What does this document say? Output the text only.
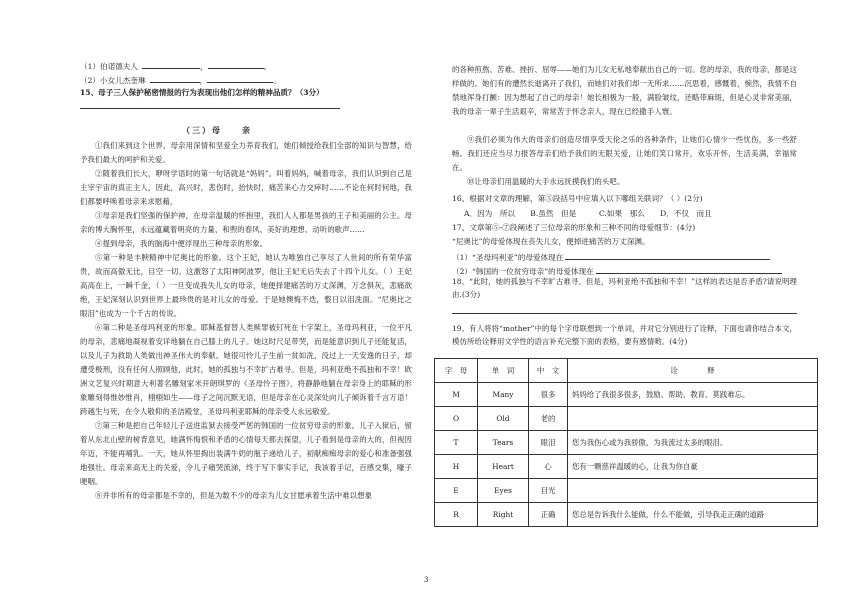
（1）伯诺德夫人	，	。
（2）小女儿杰奎琳	，	。
15、母子三人保护秘密情报的行为表现出他们怎样的精神品质？（3分）
（三）母　　亲
①我们来到这个世界，母亲用深情和坚爱全力养育我们，她们倾授给我们全部的知识与智慧，给予我们最大的呵护和关爱。
②随着我们长大，咿呀学语时的第一句话就是“妈妈”。叫着妈妈，喊着母亲，我们认识到自己是主宰宇宙的真正主人，因此，高兴时，悲伤时，抬快时，痛苦来心力交瘁时……不论在何时何地，我们都要呼唤着母亲来求慰藉。
③母亲是我们坚强的保护神，在母亲温暖的怀抱里，我们人人都是男孩的王子和美丽的公主。母亲的博大胸怀里，永远蕴藏着明亮的力量、和煦的春风、美好的理想、动听的歌声……
④提到母亲，我的脑海中便浮现出三种母亲的形象。
⑤第一种是丰腴精神中尼奥比的形象。这个王妃，她认为唯独自己享尽了人世间的所有荣华富贵，故而高傲无比，目空一切。这激怒了太阳神阿波罗，他让王妃无后失去了十四个儿女。（ ）王妃高高在上，一瞬千金，（ ）一旦变成我失儿女的母亲，她便择建痛苦的万丈深渊，万念俱灰，悲痛欲绝，王妃深刻认识到世界上最珍贵的是对儿女的母爱。于是她懊悔不迭，整日以泪洗面。“尼奥比之眼泪”也成为一个千古的传说。
⑥第二种是圣母玛利亚的形象。耶稣基督替人类赎罪被钉死在十字架上，圣母玛利亚，一位平凡的母亲，悲痛地凝视着安详地躺在自己膝上的儿子。她这时尺足带哭，而是能意识到儿子还能复活，以及儿子为救助人类做出神圣伟大的奉献。她很可怜儿子生前一贫如洗，没过上一天安逸的日子，却遭受极刑，没有任何人照顾他，此时，她的孤独与不幸扩古难寻。但是，玛利亚绝不孤独和不幸！欧洲文艺复兴时期意大利著名雕刻家米开朗琪罗的《圣母怜子图》，将静静地躺在母亲身上的耶稣的形象雕刻得惟妙惟肖，栩栩如生——母子之间沉默无语，但是母亲在心灵深处向儿子倾诉着千言万语！跨越生与死，在令人敬仰的圣洁殿堂，圣母玛利亚耶稣的母亲受人永远敬爱。
⑦第三种是把自己年轻儿子送进监狱去接受严惩的韩国的一位贫穷母亲的形象。儿子入狱后，留着从东北山壁的树背意见，她满怀悔恨和矛盾的心情每天都去探望，儿子看到是母亲的大的，但视因年迈，不能再哺乳。一天，她从怀里掏出装满牛奶的瓶子递给儿子，初献痴痴母亲的爱心和准备强强地强壮。母亲来高无上的关爱，令儿子痛哭流涕，终于写下事实手记，我该着手记，百感交集，嚎子哽咽。
⑧并非所有的母亲都是不幸的，但是为数不少的母亲为儿女甘愿承着生活中难以想象
的各种煎熬、苦难、挫折、屈辱——她们为儿女无私地奉献出自己的一切。您的母亲，我的母亲，都是这样做的。她们有的遭然长逝离开了我们，而她们对我们却一无所求……沉思着，感慨着，惋然，我情不自禁地浑身打颤：因为想起了自己的母亲！她长相极为一般，满脸皱纹，还略带麻斑，但是心灵非常美丽，我的母亲一辈子生活艰辛，常常苦于怀念亲人，现在已经撒手人寰。
⑨我们必须为伟大的母亲们创造尽情享受天伦之乐的各种条件，让她们心情少一些忧伤，多一些舒畅。我们还应当尽力报答母亲们给予我们的无限关爱，让她们笑口常开，欢乐开怀，生活美满，幸福常在。
⑩让母亲们用温暖的大手永远抚摸我们的头吧。
16、根据对文章的理解，第⑤段括号中应填入以下哪组关联词？（ ）(2分)
A．因为　所以　　B.虽然　但是　　　C.如果　那么　　D．不仅　而且
17、文章第⑤-⑦段阐述了三位母亲的形象和三种不同的母爱细节：(4分)
“尼奥比”的母爱体现在丧失儿女，便掉进痛苦的万丈深渊。
（1）“圣母玛利亚”的母爱体现在
（2）“韩国的一位贫穷母亲”的母爱体现在
18、“此时，她的孤独与不幸旷古难寻。但是，玛利亚绝不孤独和不幸！”这样的表达是否矛盾?请说明理由.(3分)
19、有人将将“mother”中的每个字母联想到一个单词，并对它分别进行了诠释，下面也请你结合本文，模仿所给诠释用文学性的语言补充完整下面的表格，要有感情哟。(4分)
字　母	单　词	中　文	诠　　　　释
M	Many	很多	妈妈给了我很多很多，鼓励、帮助、教育、莫践难忘。
O	Old	老的	
T	Tears	眼泪	您为我伤心或为我骄傲，为我流过太多的眼泪。
H	Heart	心	您有一颗慈祥温暖的心，让我为你自豪
E	Eyes	目光	
R	Right	正确	您总是告诉我什么能做，什么不能做，引导我走正确的道路
3
